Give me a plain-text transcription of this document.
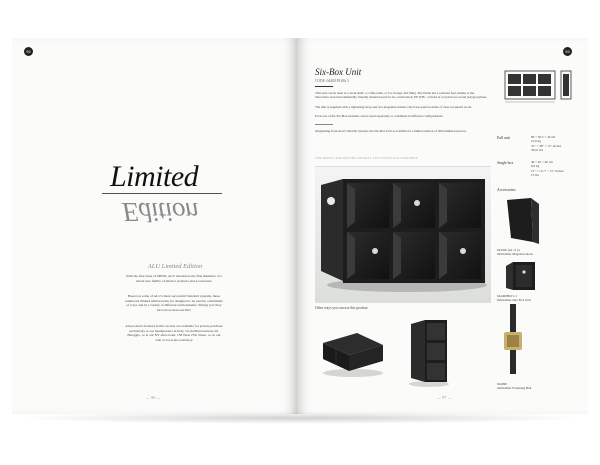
92
Limited
Edition
ALU Limited Edition
With the first issue of MINO, ALU introduces the first members of a whole new family of interior products and accessories.
Based on some of ALU's most successful Standard systems, these numbered limited edition items are designed to be used in a multitude of ways and in a variety of different environments. Simply put: they have more than one life!
All products featured in this section are available for private purchase exclusively at our headquarters in Italy, via dell'Innovazione 20, Bareggio, or at our NY showroom, 158 West 27th Street, or on our web at www.alu.com/shop
— 96 —
93
Six-Box Unit
CODE: 04400 PL63b 3
This unit can be used as a book shelf, a coffee table, or for storage and filing. The finish has a textured feel, thanks to the innovative and environmentally friendly material used for its construction: PP WPC, a blend of recycled wood and polypropylene.
The unit is supplied with a tightening strap and two magazine holders; the back panel is made of clear lacquered wood.
Each one of the Six-Box modules can be used separately or combined in different configurations.
Originating from ALU's Mobile System, the Six-Box Unit is available in a limited edition of 300 numbered pieces.
FOR PRICES AND BUYING DETAILS VISIT WWW.ALU.COM/SHOP
Other ways you can use this product:
— 97 —
Full unit	80 × 30.5 × 40 cm
10.6 kg
31" × 48" × 15" inches
36.01 lbs
Single box	40 × 40 × 40 cm
6.6 kg
15" × 15.7" × 15" inches
13 lbs
Accessories:
044500 (set of 2)
Ombrellier Magazine Rack
044400BLT1/1
Ombrellier One Box Unit
044090
Ombrellier Fastening Belt
